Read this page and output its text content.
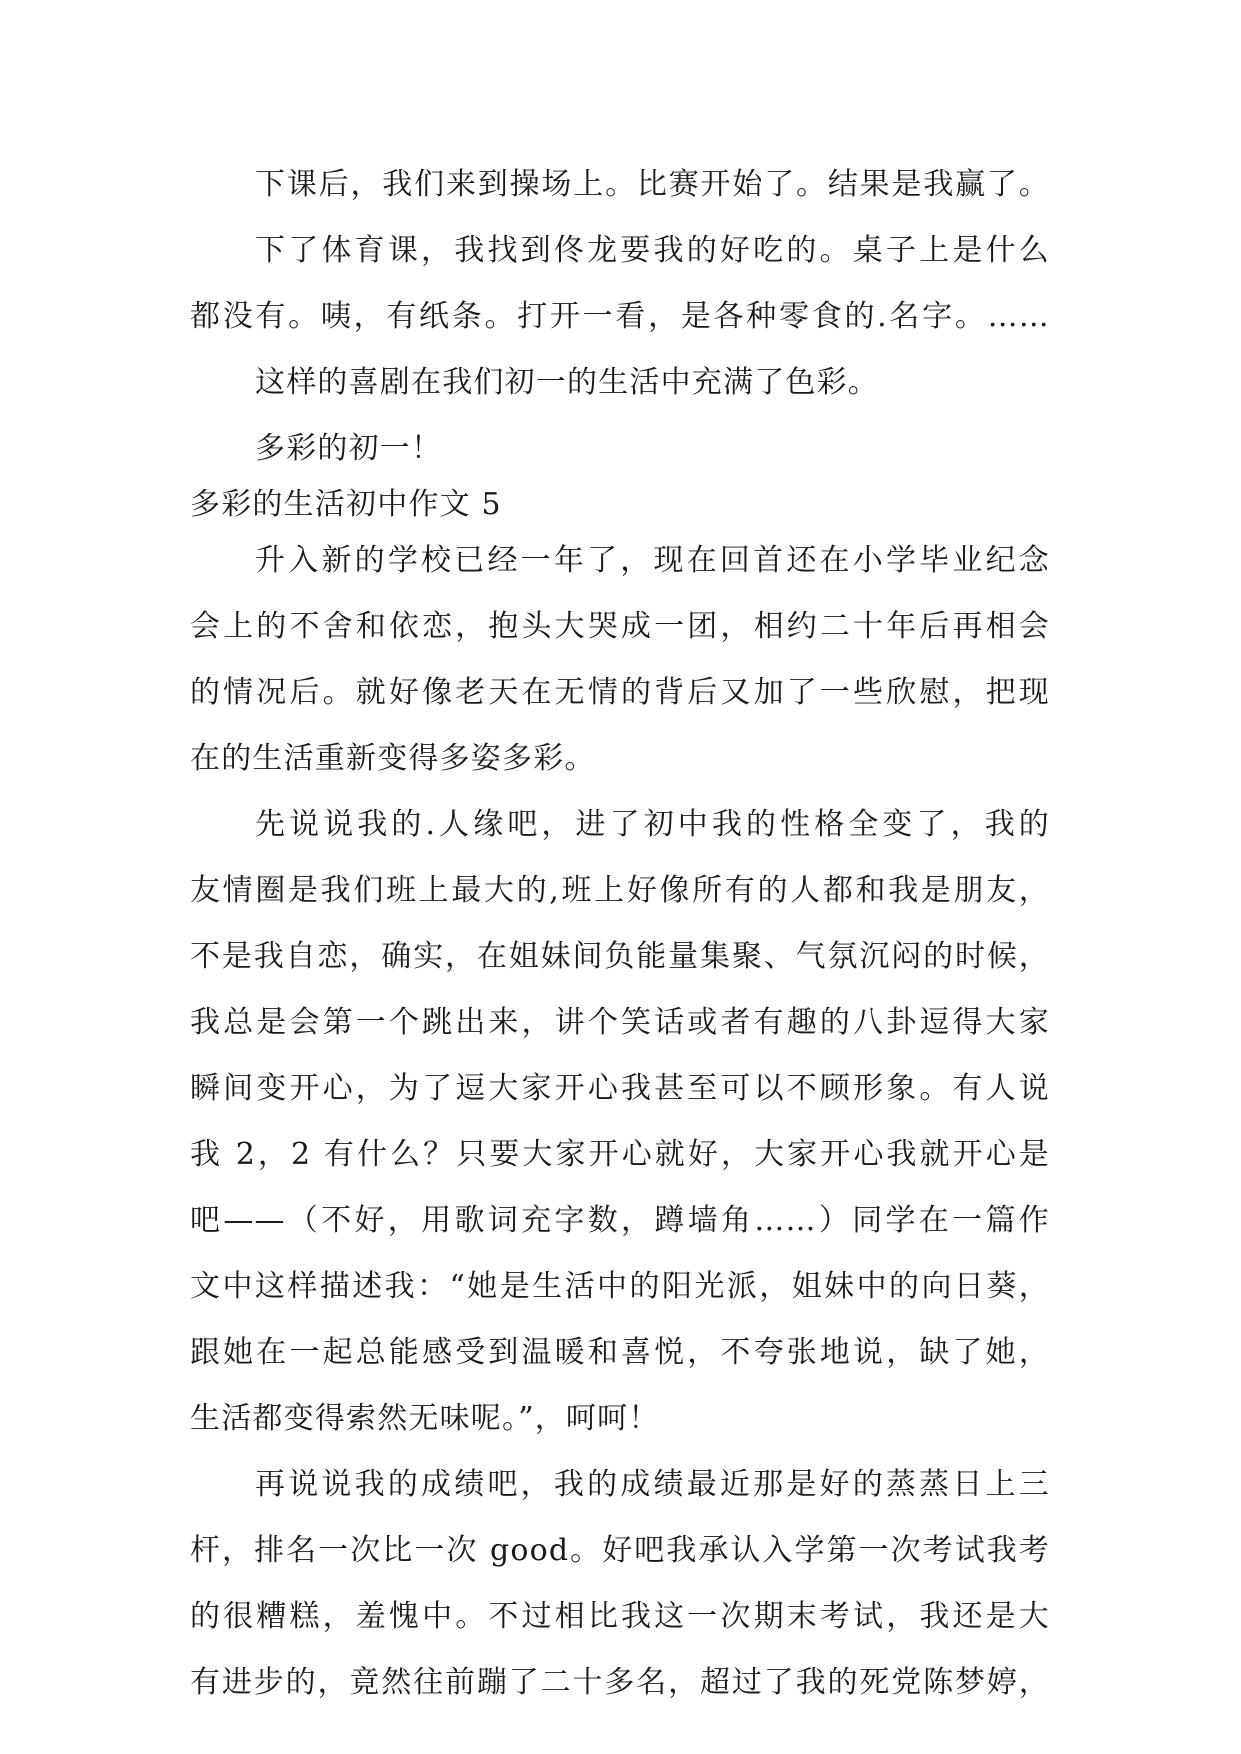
下课后，我们来到操场上。比赛开始了。结果是我赢了。
下了体育课，我找到佟龙要我的好吃的。桌子上是什么
都没有。咦，有纸条。打开一看，是各种零食的.名字。……
这样的喜剧在我们初一的生活中充满了色彩。
多彩的初一！
多彩的生活初中作文 5
升入新的学校已经一年了，现在回首还在小学毕业纪念
会上的不舍和依恋，抱头大哭成一团，相约二十年后再相会
的情况后。就好像老天在无情的背后又加了一些欣慰，把现
在的生活重新变得多姿多彩。
先说说我的.人缘吧，进了初中我的性格全变了，我的
友情圈是我们班上最大的,班上好像所有的人都和我是朋友，
不是我自恋，确实，在姐妹间负能量集聚、气氛沉闷的时候，
我总是会第一个跳出来，讲个笑话或者有趣的八卦逗得大家
瞬间变开心，为了逗大家开心我甚至可以不顾形象。有人说
我 2，2 有什么？只要大家开心就好，大家开心我就开心是
吧——（不好，用歌词充字数，蹲墙角……）同学在一篇作
文中这样描述我：“她是生活中的阳光派，姐妹中的向日葵，
跟她在一起总能感受到温暖和喜悦，不夸张地说，缺了她，
生活都变得索然无味呢。”，呵呵！
再说说我的成绩吧，我的成绩最近那是好的蒸蒸日上三
杆，排名一次比一次 good。好吧我承认入学第一次考试我考
的很糟糕，羞愧中。不过相比我这一次期末考试，我还是大
有进步的，竟然往前蹦了二十多名，超过了我的死党陈梦婷，
